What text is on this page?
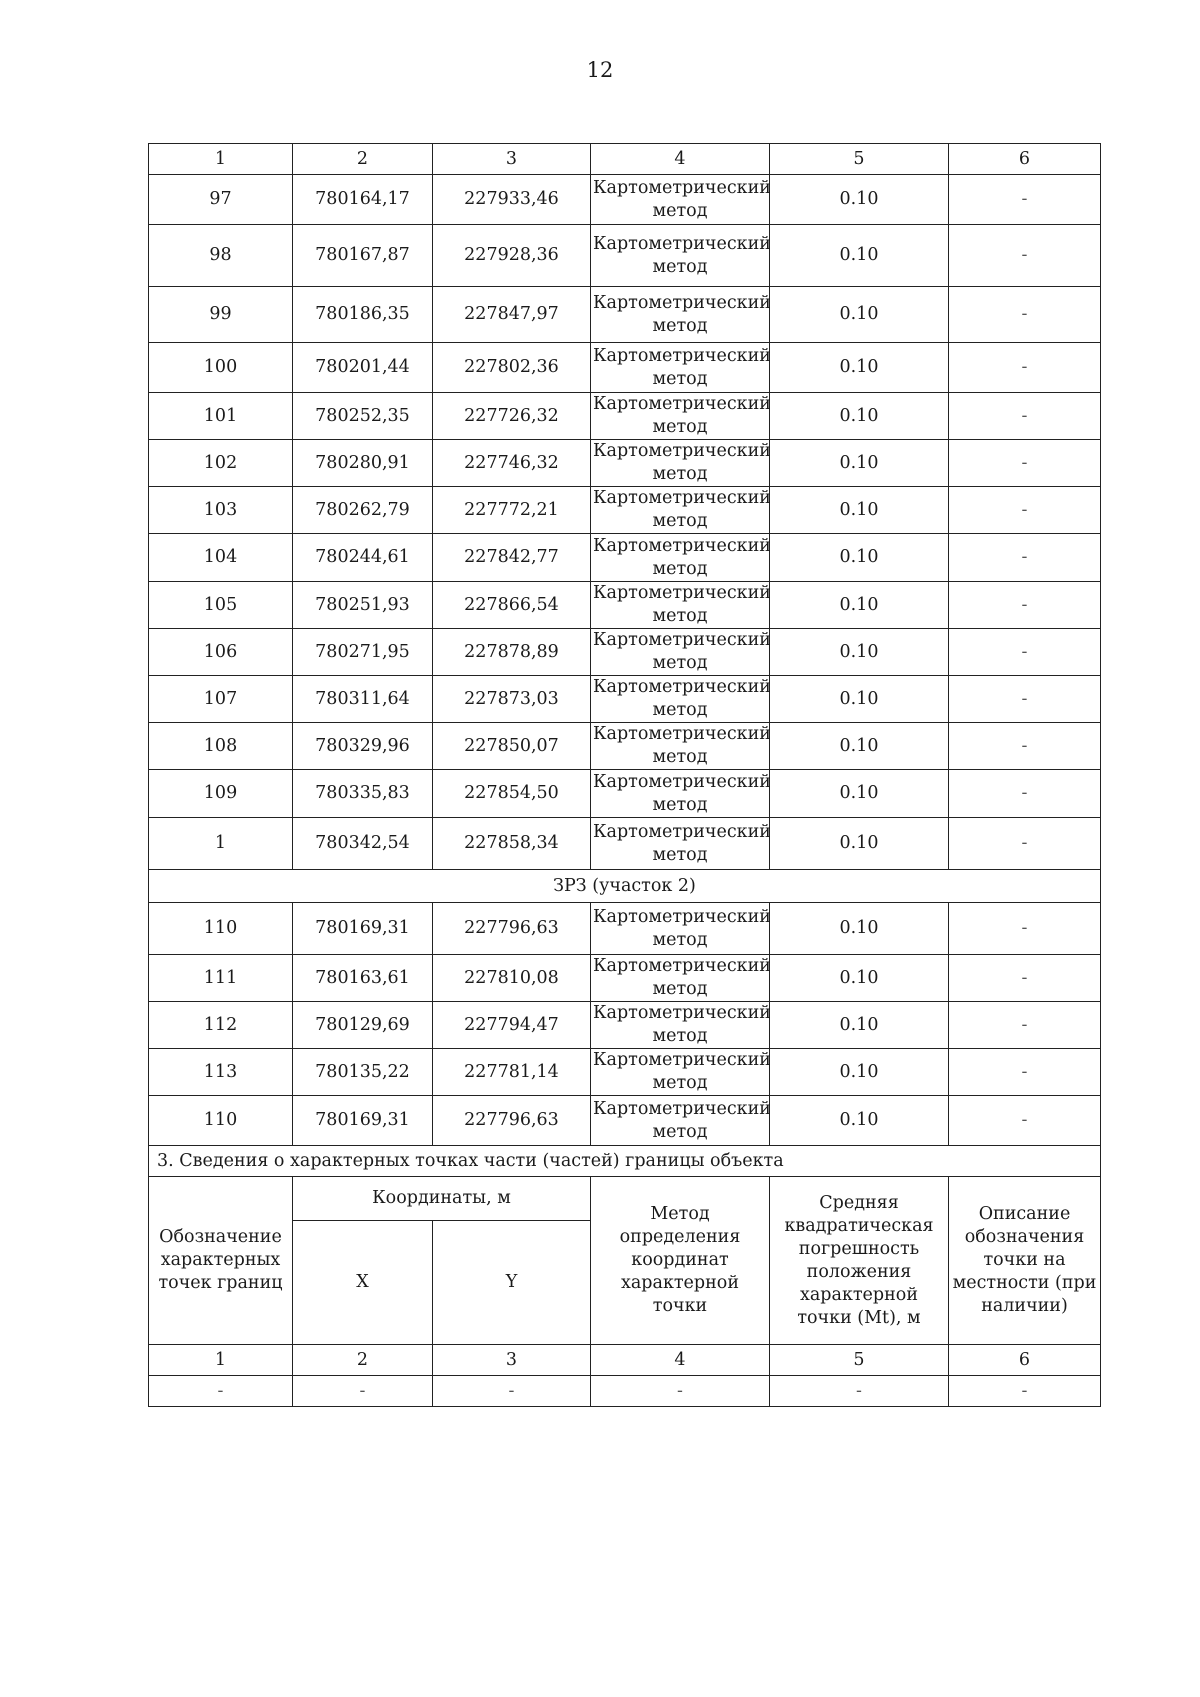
12
1	2	3	4	5	6
97	780164,17	227933,46	Картометрический метод	0.10	-
98	780167,87	227928,36	Картометрический метод	0.10	-
99	780186,35	227847,97	Картометрический метод	0.10	-
100	780201,44	227802,36	Картометрический метод	0.10	-
101	780252,35	227726,32	Картометрический метод	0.10	-
102	780280,91	227746,32	Картометрический метод	0.10	-
103	780262,79	227772,21	Картометрический метод	0.10	-
104	780244,61	227842,77	Картометрический метод	0.10	-
105	780251,93	227866,54	Картометрический метод	0.10	-
106	780271,95	227878,89	Картометрический метод	0.10	-
107	780311,64	227873,03	Картометрический метод	0.10	-
108	780329,96	227850,07	Картометрический метод	0.10	-
109	780335,83	227854,50	Картометрический метод	0.10	-
1	780342,54	227858,34	Картометрический метод	0.10	-
ЗРЗ (участок 2)					
110	780169,31	227796,63	Картометрический метод	0.10	-
111	780163,61	227810,08	Картометрический метод	0.10	-
112	780129,69	227794,47	Картометрический метод	0.10	-
113	780135,22	227781,14	Картометрический метод	0.10	-
110	780169,31	227796,63	Картометрический метод	0.10	-
3. Сведения о характерных точках части (частей) границы объекта					
Обозначение характерных точек границ	Координаты, м		Метод определения координат характерной точки	Средняя квадратическая погрешность положения характерной точки (Mt), м	Описание обозначения точки на местности (при наличии)
	X	Y			
1	2	3	4	5	6
-	-	-	-	-	-
